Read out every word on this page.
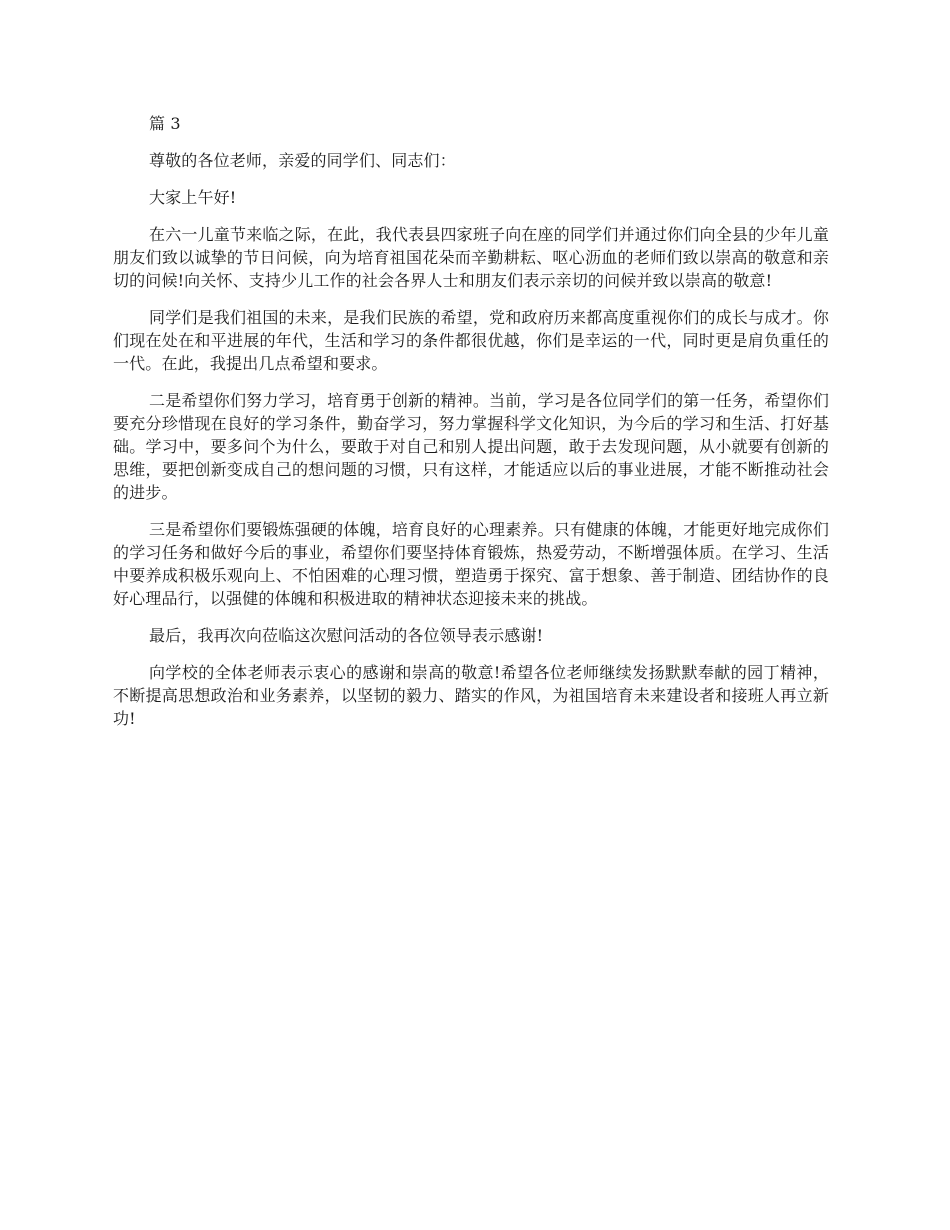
篇 3

尊敬的各位老师，亲爱的同学们、同志们：

大家上午好!

在六一儿童节来临之际，在此，我代表县四家班子向在座的同学们并通过你们向全县的少年儿童朋友们致以诚挚的节日问候，向为培育祖国花朵而辛勤耕耘、呕心沥血的老师们致以崇高的敬意和亲切的问候!向关怀、支持少儿工作的社会各界人士和朋友们表示亲切的问候并致以崇高的敬意!

同学们是我们祖国的未来，是我们民族的希望，党和政府历来都高度重视你们的成长与成才。你们现在处在和平进展的年代，生活和学习的条件都很优越，你们是幸运的一代，同时更是肩负重任的一代。在此，我提出几点希望和要求。

二是希望你们努力学习，培育勇于创新的精神。当前，学习是各位同学们的第一任务，希望你们要充分珍惜现在良好的学习条件，勤奋学习，努力掌握科学文化知识，为今后的学习和生活、打好基础。学习中，要多问个为什么，要敢于对自己和别人提出问题，敢于去发现问题，从小就要有创新的思维，要把创新变成自己的想问题的习惯，只有这样，才能适应以后的事业进展，才能不断推动社会的进步。

三是希望你们要锻炼强硬的体魄，培育良好的心理素养。只有健康的体魄，才能更好地完成你们的学习任务和做好今后的事业，希望你们要坚持体育锻炼，热爱劳动，不断增强体质。在学习、生活中要养成积极乐观向上、不怕困难的心理习惯，塑造勇于探究、富于想象、善于制造、团结协作的良好心理品行，以强健的体魄和积极进取的精神状态迎接未来的挑战。

最后，我再次向莅临这次慰问活动的各位领导表示感谢!

向学校的全体老师表示衷心的感谢和崇高的敬意!希望各位老师继续发扬默默奉献的园丁精神，不断提高思想政治和业务素养，以坚韧的毅力、踏实的作风，为祖国培育未来建设者和接班人再立新功!
